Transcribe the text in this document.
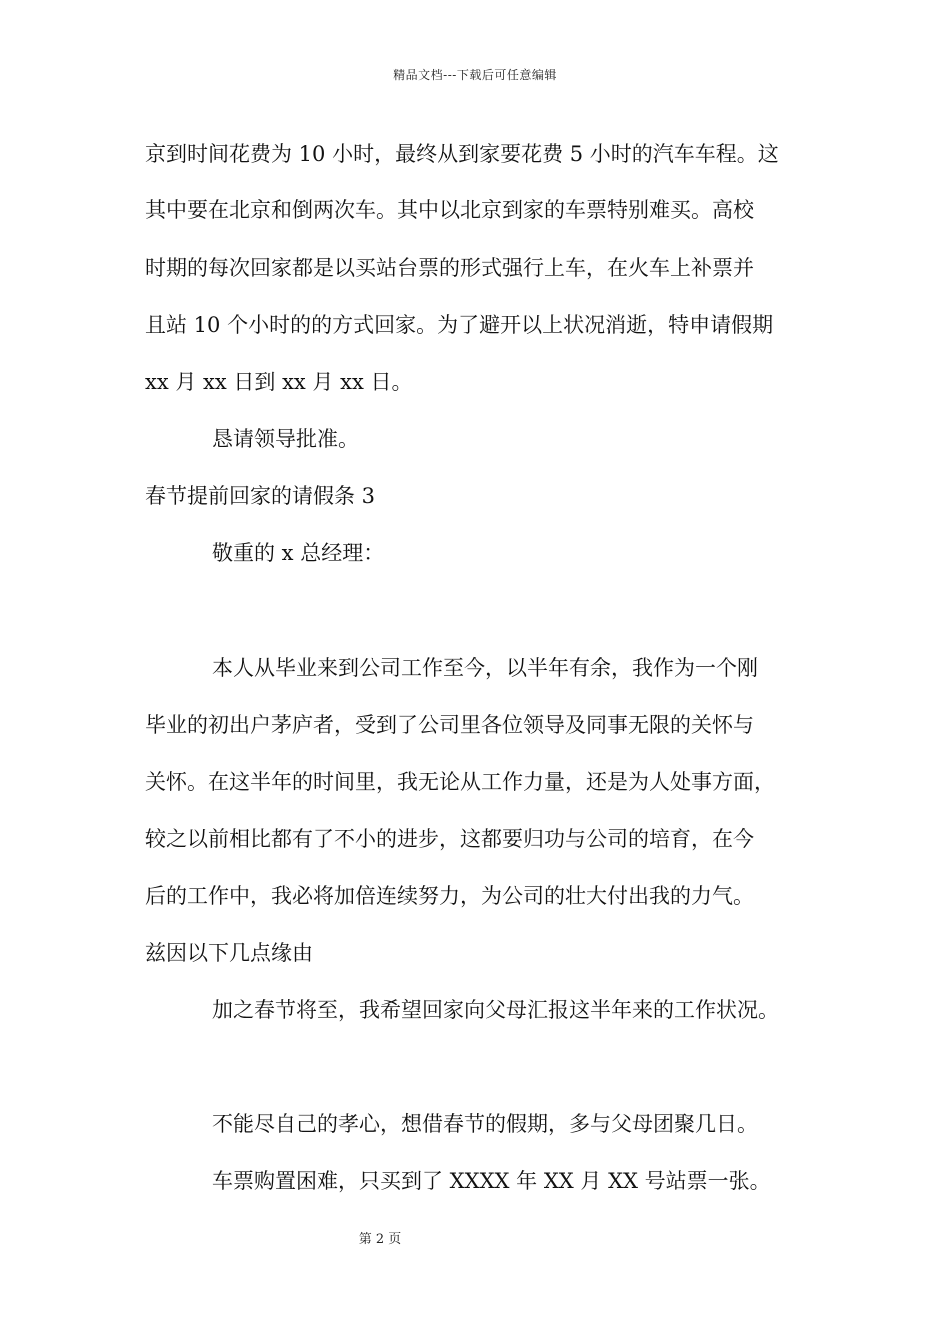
精品文档---下载后可任意编辑
京到时间花费为 10 小时，最终从到家要花费 5 小时的汽车车程。这
其中要在北京和倒两次车。其中以北京到家的车票特别难买。高校
时期的每次回家都是以买站台票的形式强行上车，在火车上补票并
且站 10 个小时的的方式回家。为了避开以上状况消逝，特申请假期
xx 月 xx 日到 xx 月 xx 日。
恳请领导批准。
春节提前回家的请假条 3
敬重的 x 总经理：
本人从毕业来到公司工作至今，以半年有余，我作为一个刚
毕业的初出户茅庐者，受到了公司里各位领导及同事无限的关怀与
关怀。在这半年的时间里，我无论从工作力量，还是为人处事方面，
较之以前相比都有了不小的进步，这都要归功与公司的培育，在今
后的工作中，我必将加倍连续努力，为公司的壮大付出我的力气。
兹因以下几点缘由
加之春节将至，我希望回家向父母汇报这半年来的工作状况。
不能尽自己的孝心，想借春节的假期，多与父母团聚几日。
车票购置困难，只买到了 XXXX 年 XX 月 XX 号站票一张。
第 2 页
